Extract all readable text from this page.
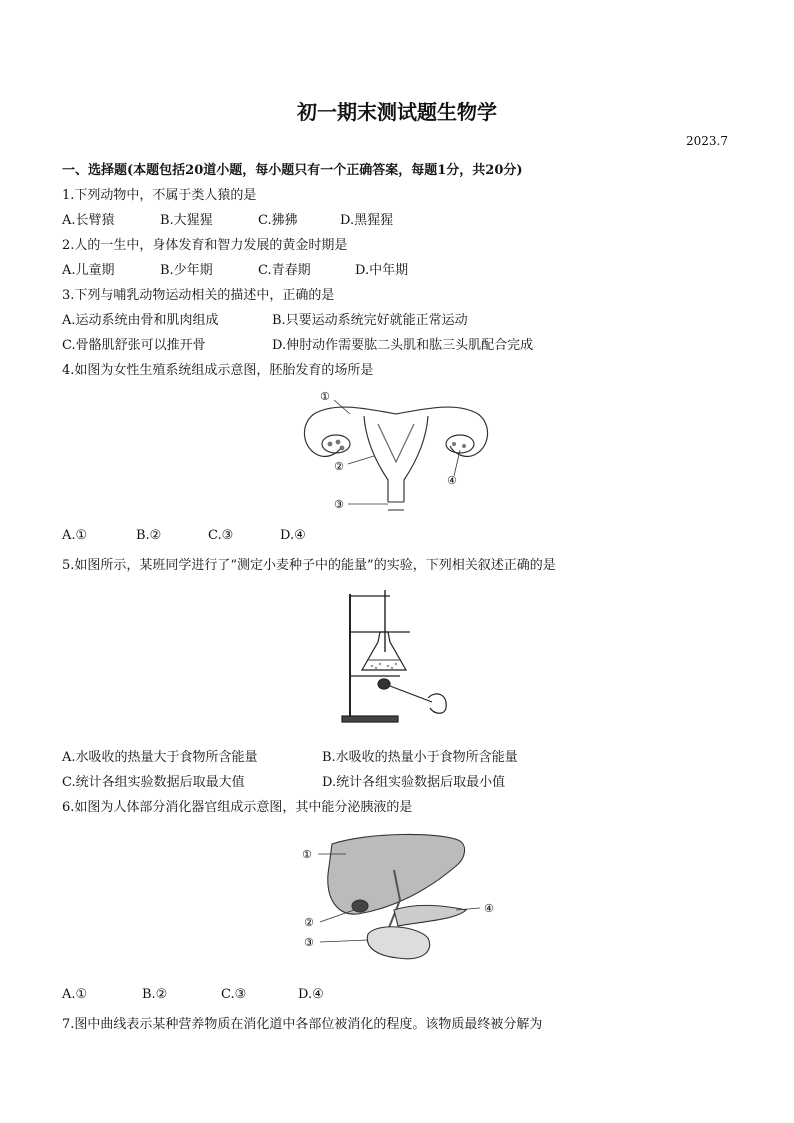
初一期末测试题生物学
2023.7
一、选择题(本题包括20道小题，每小题只有一个正确答案，每题1分，共20分)
1.下列动物中，不属于类人猿的是
A.长臂猿	B.大猩猩	C.狒狒	D.黑猩猩
2.人的一生中，身体发育和智力发展的黄金时期是
A.儿童期	B.少年期	C.青春期	D.中年期
3.下列与哺乳动物运动相关的描述中，正确的是
A.运动系统由骨和肌肉组成	B.只要运动系统完好就能正常运动
C.骨骼肌舒张可以推开骨	D.伸肘动作需要肱二头肌和肱三头肌配合完成
4.如图为女性生殖系统组成示意图，胚胎发育的场所是
①
②
③
④
A.①	B.②	C.③	D.④
5.如图所示，某班同学进行了“测定小麦种子中的能量”的实验，下列相关叙述正确的是
A.水吸收的热量大于食物所含能量	B.水吸收的热量小于食物所含能量
C.统计各组实验数据后取最大值	D.统计各组实验数据后取最小值
6.如图为人体部分消化器官组成示意图，其中能分泌胰液的是
①
②
③
④
A.①	B.②	C.③	D.④
7.图中曲线表示某种营养物质在消化道中各部位被消化的程度。该物质最终被分解为
